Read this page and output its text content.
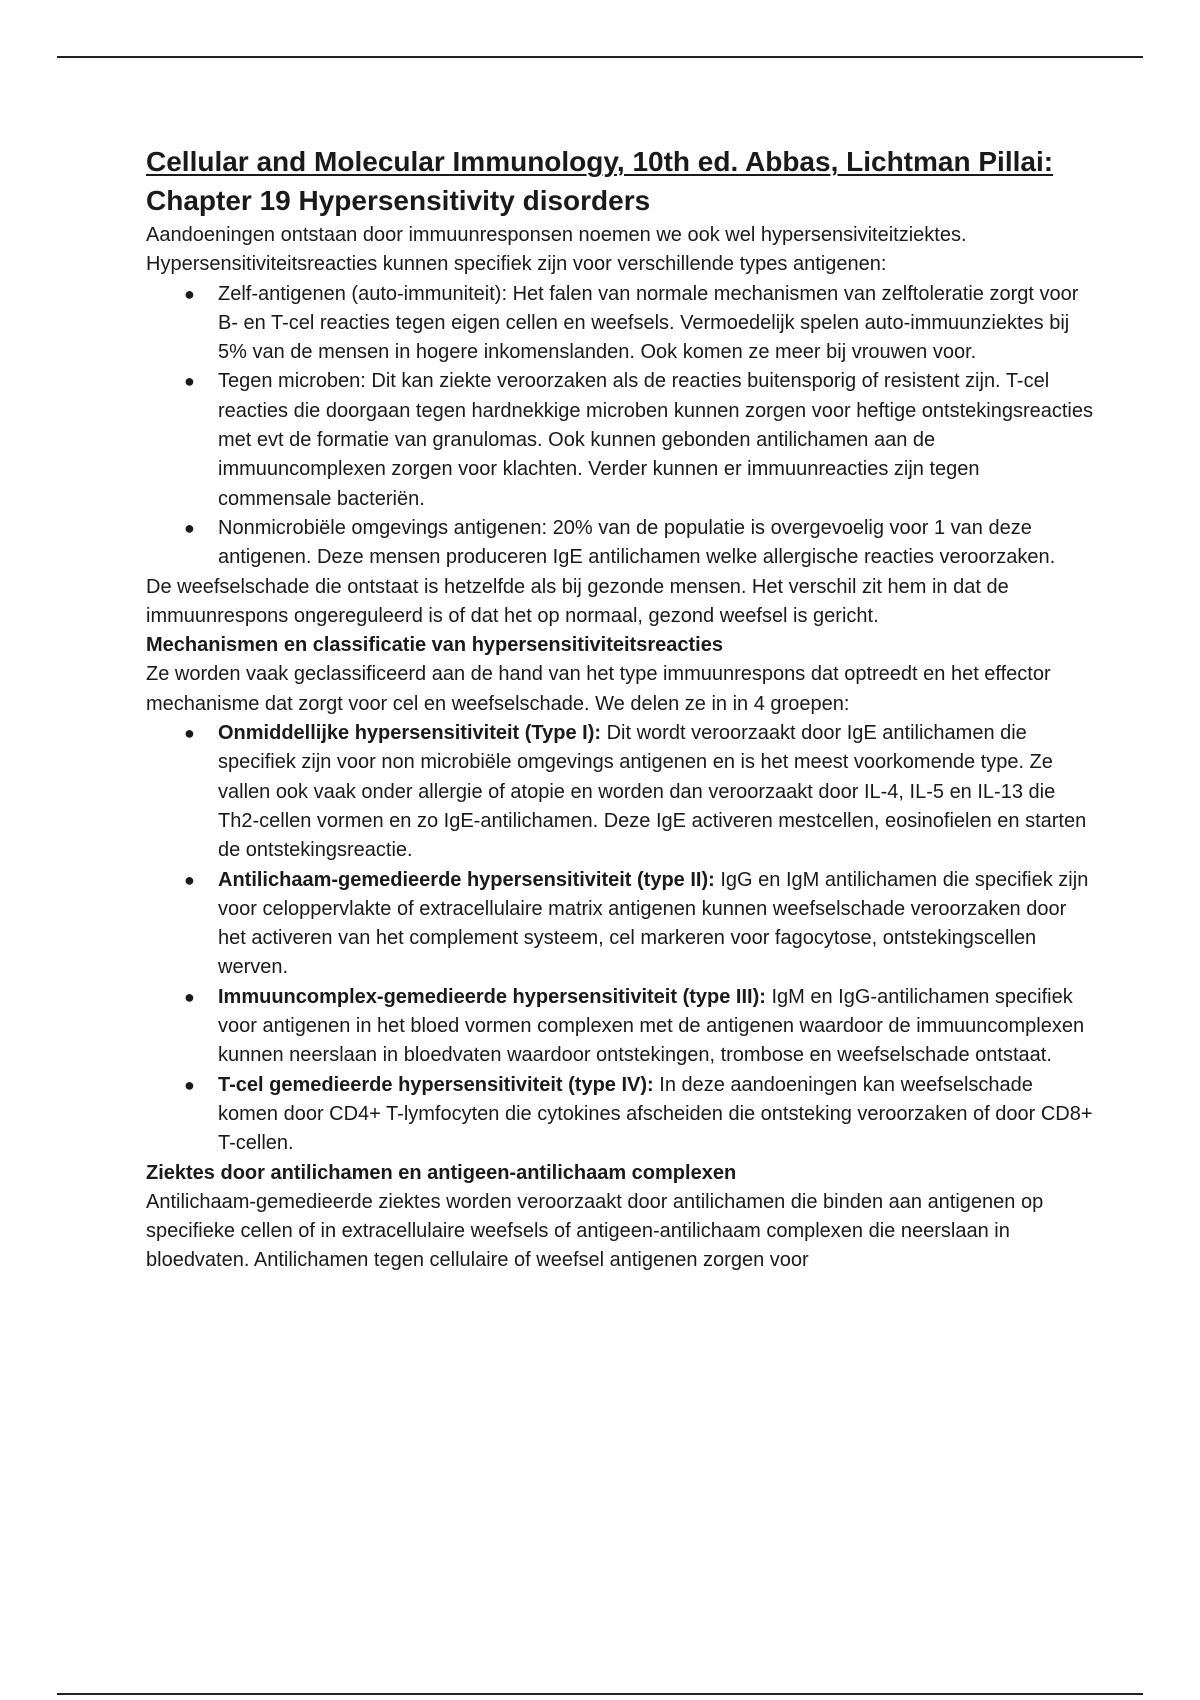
Cellular and Molecular Immunology, 10th ed. Abbas, Lichtman Pillai:
Chapter 19 Hypersensitivity disorders

Aandoeningen ontstaan door immuunresponsen noemen we ook wel hypersensiviteitziektes. Hypersensitiviteitsreacties kunnen specifiek zijn voor verschillende types antigenen:

● Zelf-antigenen (auto-immuniteit): Het falen van normale mechanismen van zelftoleratie zorgt voor B- en T-cel reacties tegen eigen cellen en weefsels. Vermoedelijk spelen auto-immuunziektes bij 5% van de mensen in hogere inkomenslanden. Ook komen ze meer bij vrouwen voor.
● Tegen microben: Dit kan ziekte veroorzaken als de reacties buitensporig of resistent zijn. T-cel reacties die doorgaan tegen hardnekkige microben kunnen zorgen voor heftige ontstekingsreacties met evt de formatie van granulomas. Ook kunnen gebonden antilichamen aan de immuuncomplexen zorgen voor klachten. Verder kunnen er immuunreacties zijn tegen commensale bacteriën.
● Nonmicrobiële omgevings antigenen: 20% van de populatie is overgevoelig voor 1 van deze antigenen. Deze mensen produceren IgE antilichamen welke allergische reacties veroorzaken.

De weefselschade die ontstaat is hetzelfde als bij gezonde mensen. Het verschil zit hem in dat de immuunrespons ongereguleerd is of dat het op normaal, gezond weefsel is gericht.

Mechanismen en classificatie van hypersensitiviteitsreacties

Ze worden vaak geclassificeerd aan de hand van het type immuunrespons dat optreedt en het effector mechanisme dat zorgt voor cel en weefselschade. We delen ze in in 4 groepen:

● Onmiddellijke hypersensitiviteit (Type I): Dit wordt veroorzaakt door IgE antilichamen die specifiek zijn voor non microbiële omgevings antigenen en is het meest voorkomende type. Ze vallen ook vaak onder allergie of atopie en worden dan veroorzaakt door IL-4, IL-5 en IL-13 die Th2-cellen vormen en zo IgE-antilichamen. Deze IgE activeren mestcellen, eosinofielen en starten de ontstekingsreactie.
● Antilichaam-gemedieerde hypersensitiviteit (type II): IgG en IgM antilichamen die specifiek zijn voor celoppervlakte of extracellulaire matrix antigenen kunnen weefselschade veroorzaken door het activeren van het complement systeem, cel markeren voor fagocytose, ontstekingscellen werven.
● Immuuncomplex-gemedieerde hypersensitiviteit (type III): IgM en IgG-antilichamen specifiek voor antigenen in het bloed vormen complexen met de antigenen waardoor de immuuncomplexen kunnen neerslaan in bloedvaten waardoor ontstekingen, trombose en weefselschade ontstaat.
● T-cel gemedieerde hypersensitiviteit (type IV): In deze aandoeningen kan weefselschade komen door CD4+ T-lymfocyten die cytokines afscheiden die ontsteking veroorzaken of door CD8+ T-cellen.
Ziektes door antilichamen en antigeen-antilichaam complexen

Antilichaam-gemedieerde ziektes worden veroorzaakt door antilichamen die binden aan antigenen op specifieke cellen of in extracellulaire weefsels of antigeen-antilichaam complexen die neerslaan in bloedvaten. Antilichamen tegen cellulaire of weefsel antigenen zorgen voor
